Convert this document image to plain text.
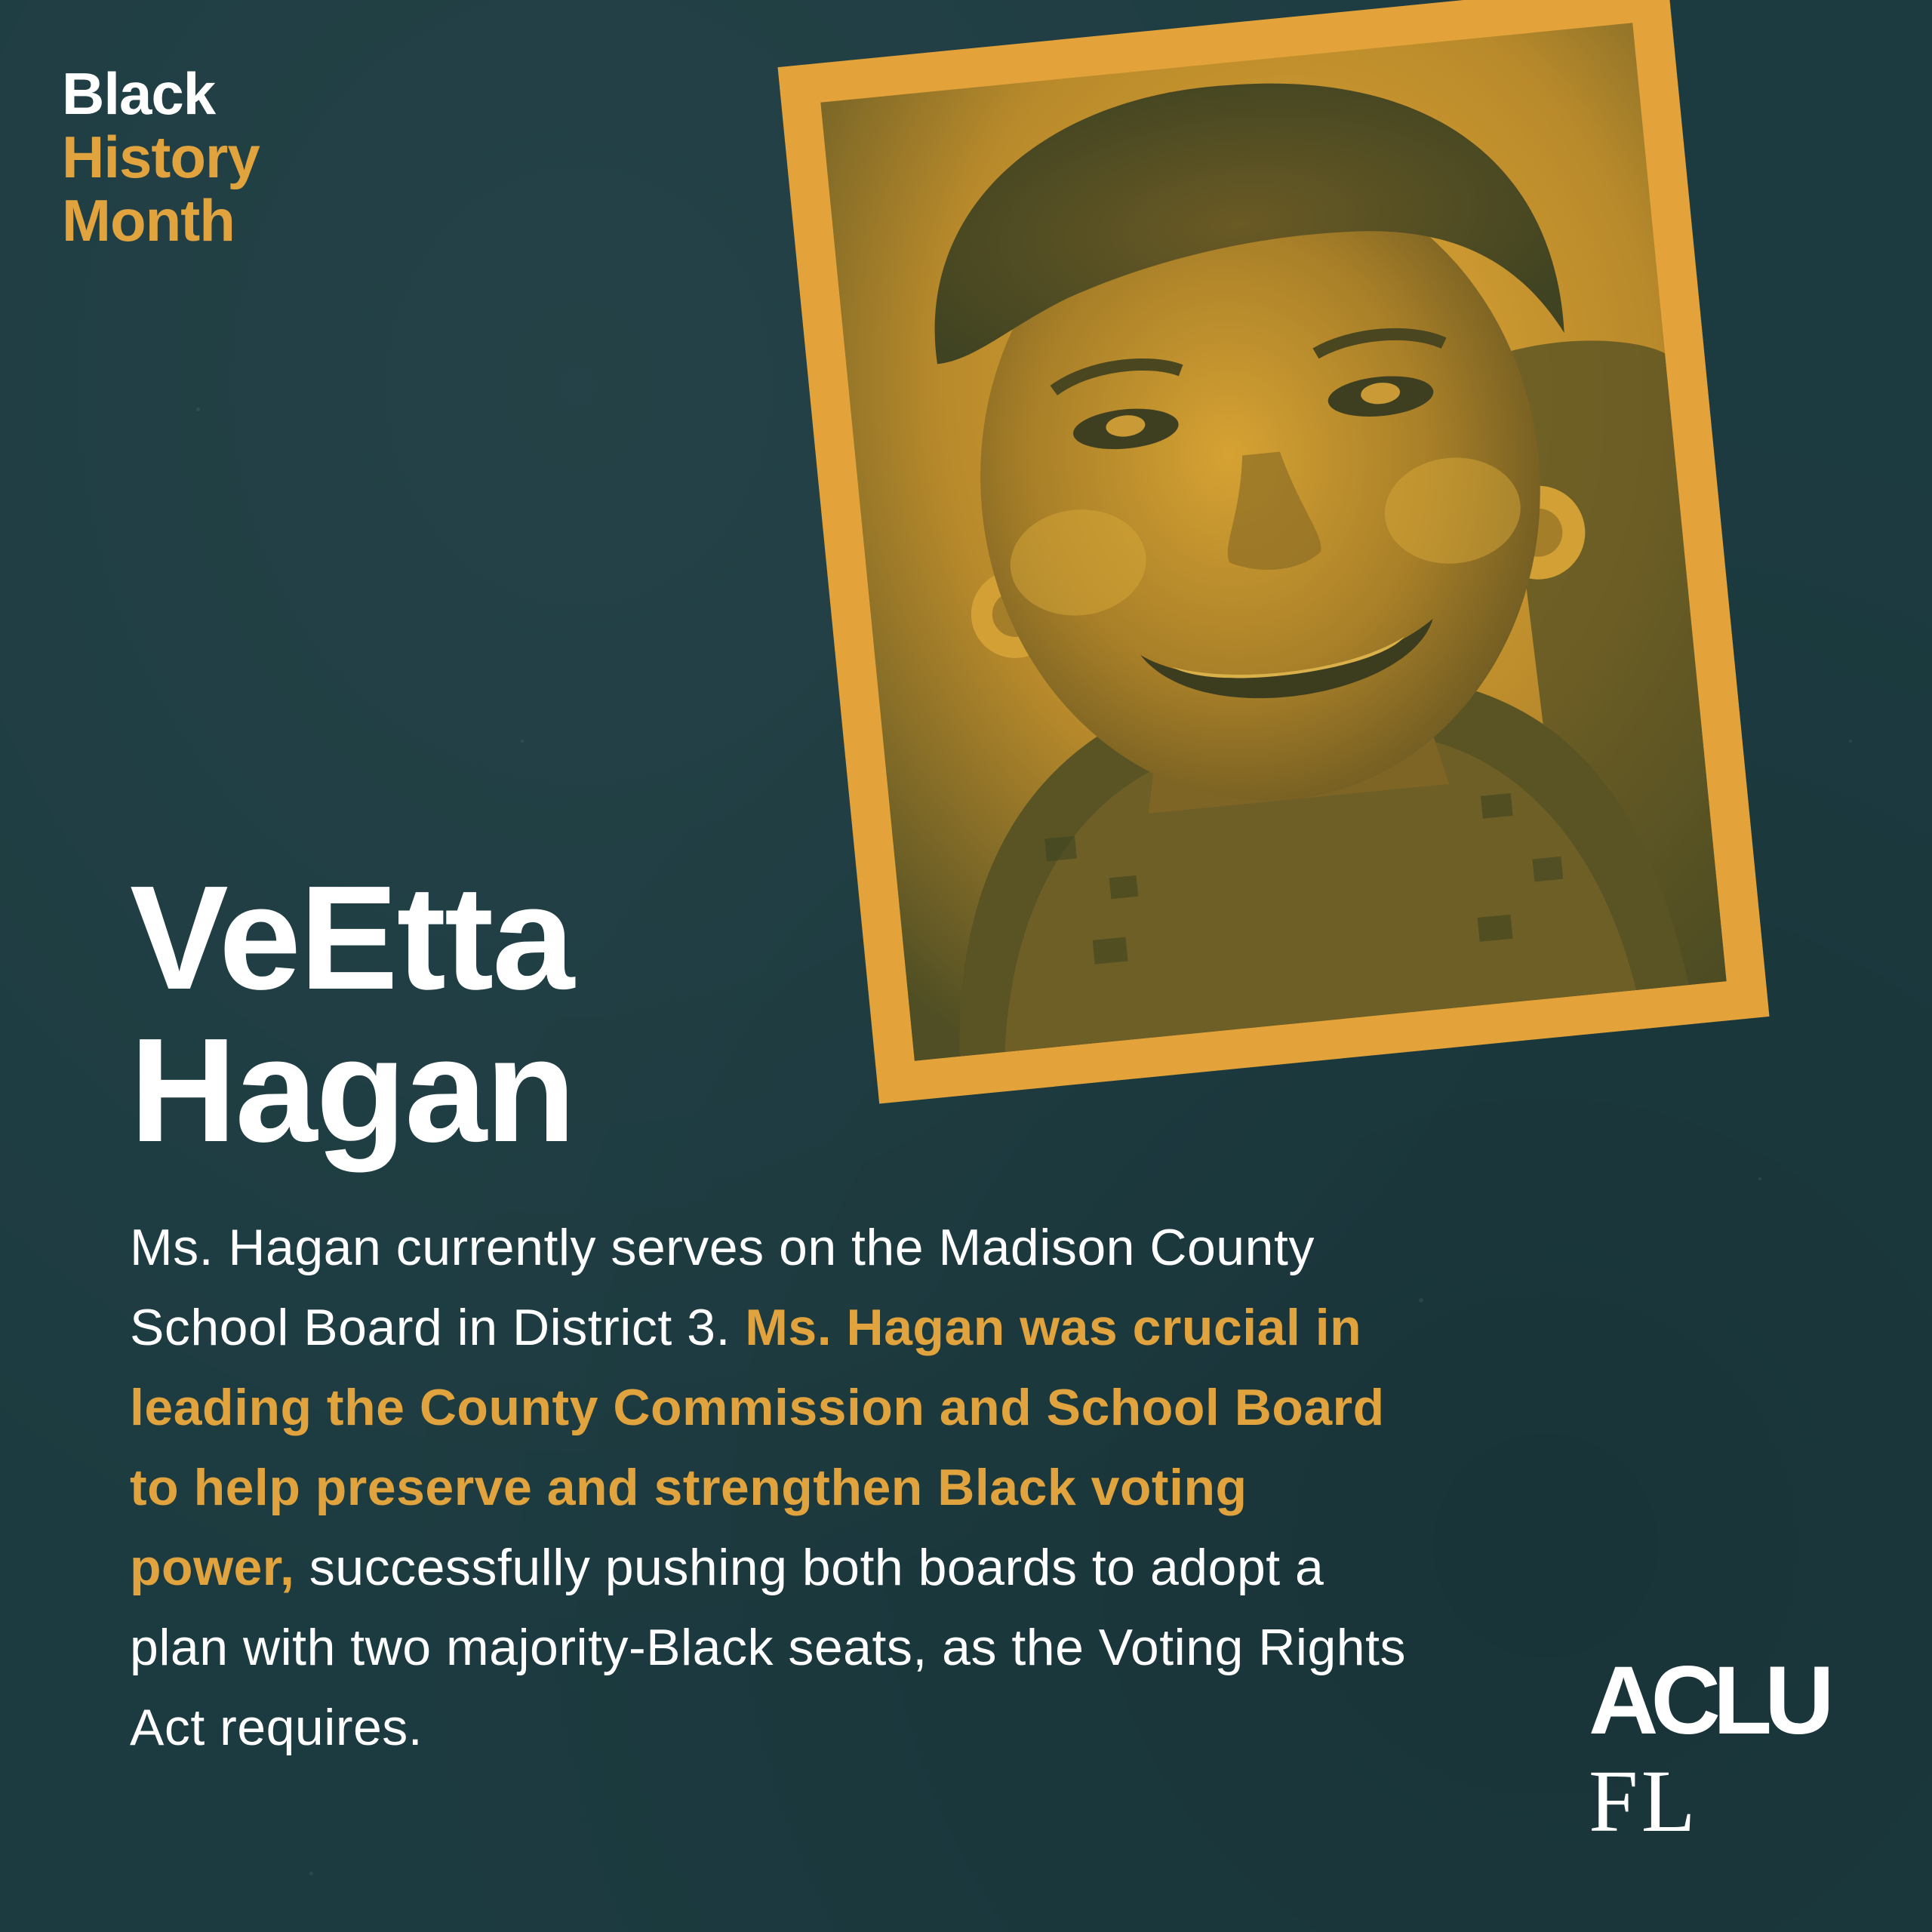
Black
History
Month
VeEtta
Hagan
Ms. Hagan currently serves on the Madison County School Board in District 3. Ms. Hagan was crucial in leading the County Commission and School Board to help preserve and strengthen Black voting power, successfully pushing both boards to adopt a plan with two majority-Black seats, as the Voting Rights Act requires.	ACLU
FL
